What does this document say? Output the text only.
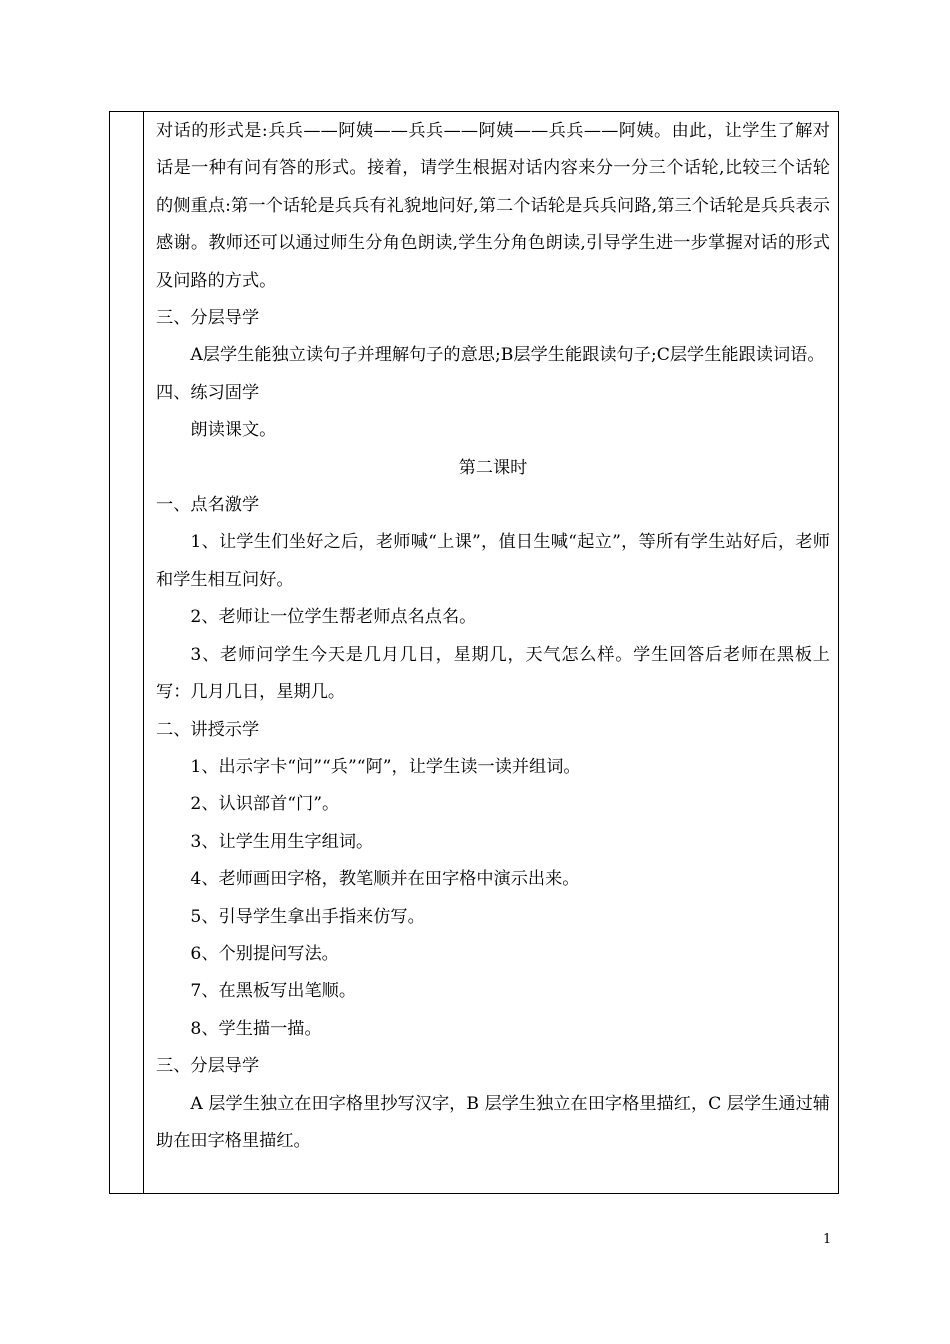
对话的形式是:兵兵——阿姨——兵兵——阿姨——兵兵——阿姨。由此，让学生了解对话是一种有问有答的形式。接着，请学生根据对话内容来分一分三个话轮,比较三个话轮的侧重点:第一个话轮是兵兵有礼貌地问好,第二个话轮是兵兵问路,第三个话轮是兵兵表示感谢。教师还可以通过师生分角色朗读,学生分角色朗读,引导学生进一步掌握对话的形式及问路的方式。

三、分层导学

A层学生能独立读句子并理解句子的意思;B层学生能跟读句子;C层学生能跟读词语。

四、练习固学

朗读课文。

第二课时

一、点名激学

1、让学生们坐好之后，老师喊“上课”，值日生喊“起立”，等所有学生站好后，老师和学生相互问好。

2、老师让一位学生帮老师点名点名。

3、老师问学生今天是几月几日，星期几，天气怎么样。学生回答后老师在黑板上写：几月几日，星期几。

二、讲授示学

1、出示字卡“问”“兵”“阿”，让学生读一读并组词。

2、认识部首“门”。

3、让学生用生字组词。

4、老师画田字格，教笔顺并在田字格中演示出来。

5、引导学生拿出手指来仿写。

6、个别提问写法。

7、在黑板写出笔顺。

8、学生描一描。

三、分层导学

A 层学生独立在田字格里抄写汉字，B 层学生独立在田字格里描红，C 层学生通过辅助在田字格里描红。

1
